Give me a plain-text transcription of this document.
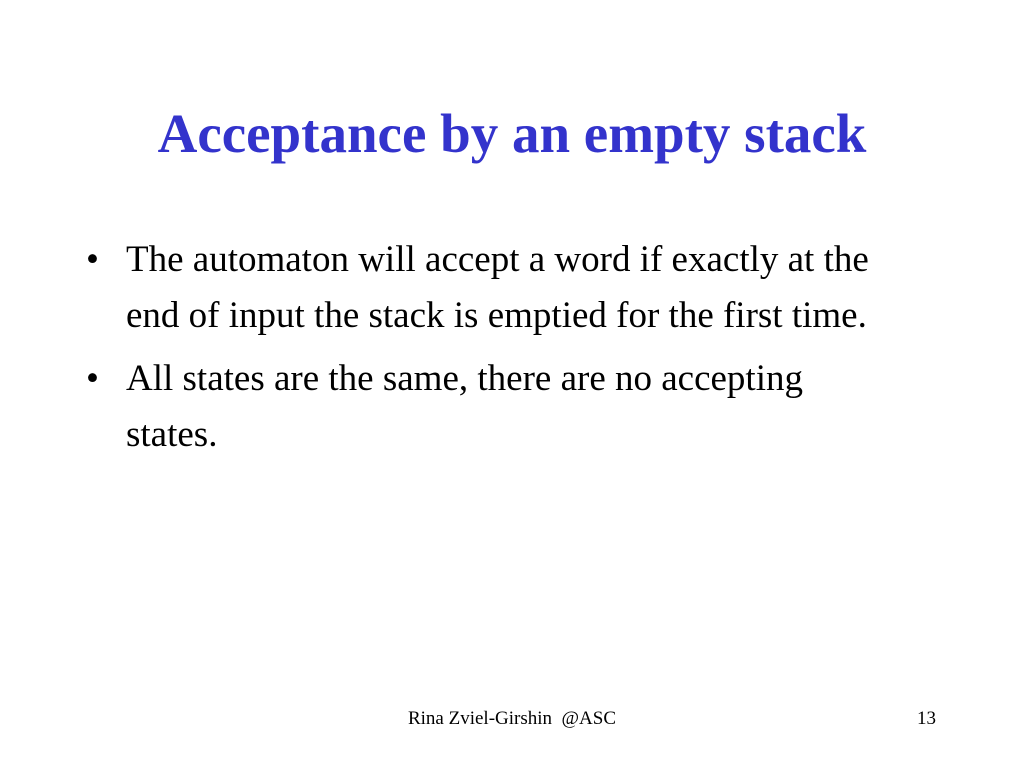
Acceptance by an empty stack
• The automaton will accept a word if exactly at the end of input the stack is emptied for the first time.
• All states are the same, there are no accepting states.
Rina Zviel-Girshin  @ASC	13
